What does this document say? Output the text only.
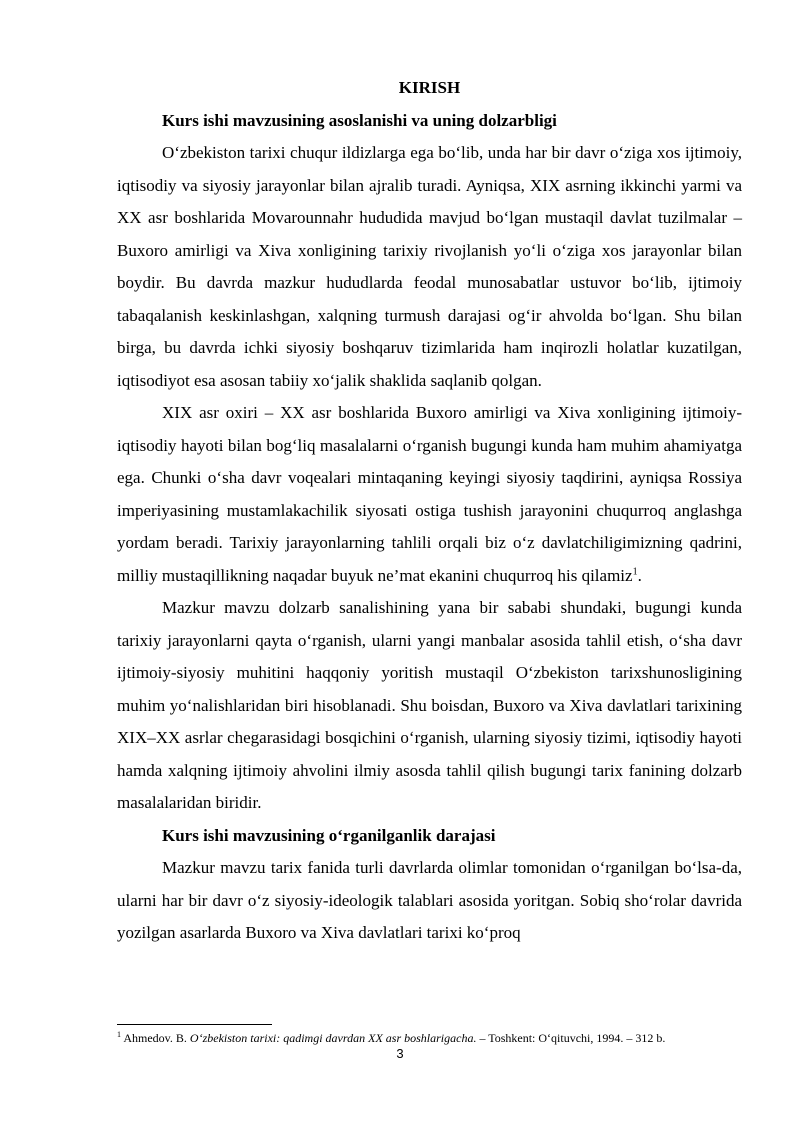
KIRISH

Kurs ishi mavzusining asoslanishi va uning dolzarbligi

O‘zbekiston tarixi chuqur ildizlarga ega bo‘lib, unda har bir davr o‘ziga xos ijtimoiy, iqtisodiy va siyosiy jarayonlar bilan ajralib turadi. Ayniqsa, XIX asrning ikkinchi yarmi va XX asr boshlarida Movarounnahr hududida mavjud bo‘lgan mustaqil davlat tuzilmalar – Buxoro amirligi va Xiva xonligining tarixiy rivojlanish yo‘li o‘ziga xos jarayonlar bilan boydir. Bu davrda mazkur hududlarda feodal munosabatlar ustuvor bo‘lib, ijtimoiy tabaqalanish keskinlashgan, xalqning turmush darajasi og‘ir ahvolda bo‘lgan. Shu bilan birga, bu davrda ichki siyosiy boshqaruv tizimlarida ham inqirozli holatlar kuzatilgan, iqtisodiyot esa asosan tabiiy xo‘jalik shaklida saqlanib qolgan.

XIX asr oxiri – XX asr boshlarida Buxoro amirligi va Xiva xonligining ijtimoiy-iqtisodiy hayoti bilan bog‘liq masalalarni o‘rganish bugungi kunda ham muhim ahamiyatga ega. Chunki o‘sha davr voqealari mintaqaning keyingi siyosiy taqdirini, ayniqsa Rossiya imperiyasining mustamlakachilik siyosati ostiga tushish jarayonini chuqurroq anglashga yordam beradi. Tarixiy jarayonlarning tahlili orqali biz o‘z davlatchiligimizning qadrini, milliy mustaqillikning naqadar buyuk ne’mat ekanini chuqurroq his qilamiz$^1$.

Mazkur mavzu dolzarb sanalishining yana bir sababi shundaki, bugungi kunda tarixiy jarayonlarni qayta o‘rganish, ularni yangi manbalar asosida tahlil etish, o‘sha davr ijtimoiy-siyosiy muhitini haqqoniy yoritish mustaqil O‘zbekiston tarixshunosligining muhim yo‘nalishlaridan biri hisoblanadi. Shu boisdan, Buxoro va Xiva davlatlari tarixining XIX–XX asrlar chegarasidagi bosqichini o‘rganish, ularning siyosiy tizimi, iqtisodiy hayoti hamda xalqning ijtimoiy ahvolini ilmiy asosda tahlil qilish bugungi tarix fanining dolzarb masalalaridan biridir.

Kurs ishi mavzusining o‘rganilganlik darajasi

Mazkur mavzu tarix fanida turli davrlarda olimlar tomonidan o‘rganilgan bo‘lsa-da, ularni har bir davr o‘z siyosiy-ideologik talablari asosida yoritgan. Sobiq sho‘rolar davrida yozilgan asarlarda Buxoro va Xiva davlatlari tarixi ko‘proq

$^1$ Ahmedov. B. O‘zbekiston tarixi: qadimgi davrdan XX asr boshlarigacha. – Toshkent: O‘qituvchi, 1994. – 312 b.
3
